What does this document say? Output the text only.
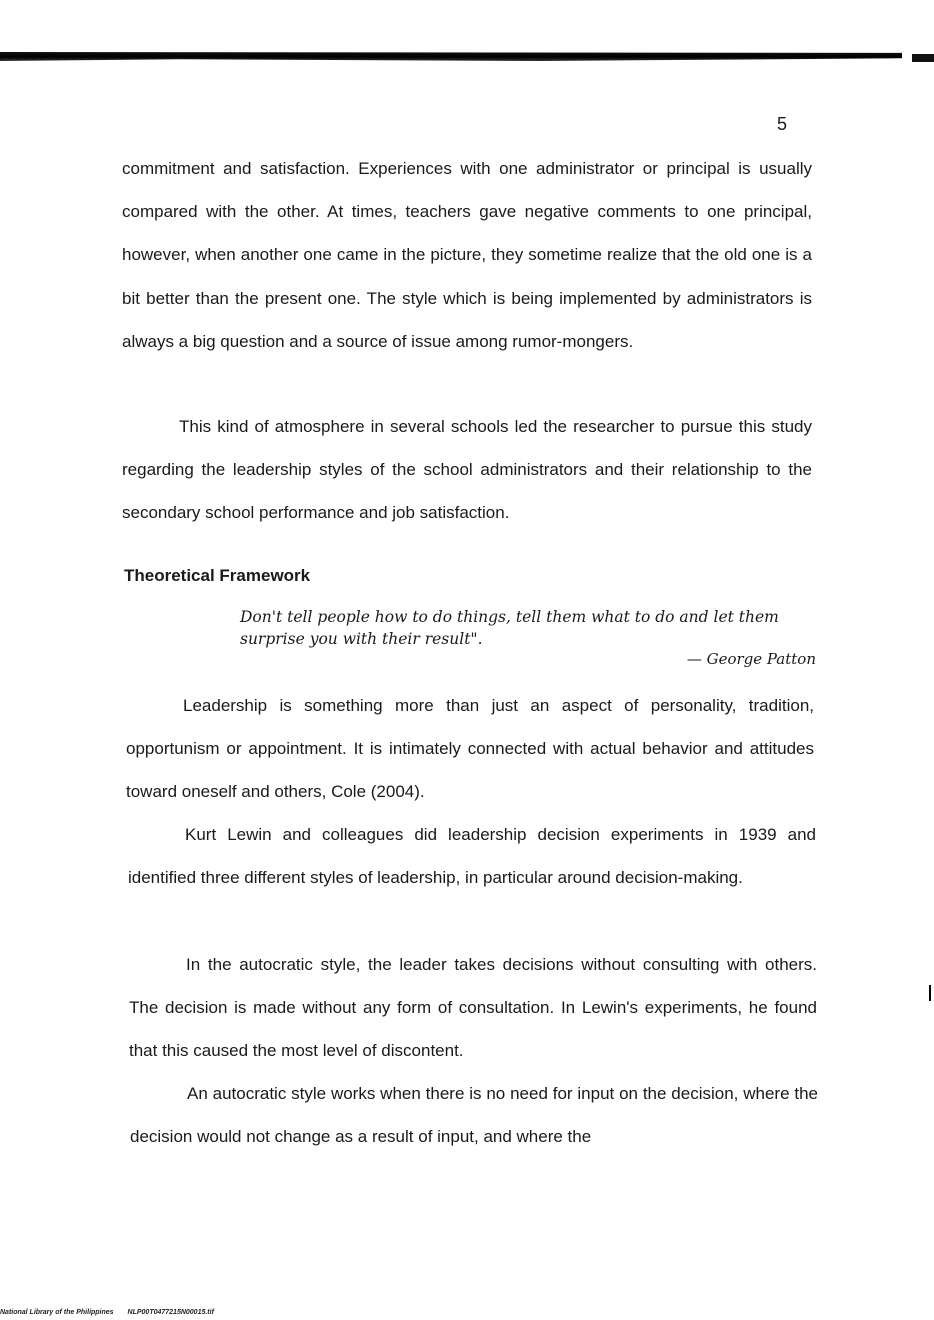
5

commitment and satisfaction. Experiences with one administrator or principal is usually compared with the other. At times, teachers gave negative comments to one principal, however, when another one came in the picture, they sometime realize that the old one is a bit better than the present one. The style which is being implemented by administrators is always a big question and a source of issue among rumor-mongers.

This kind of atmosphere in several schools led the researcher to pursue this study regarding the leadership styles of the school administrators and their relationship to the secondary school performance and job satisfaction.

Theoretical Framework

Don't tell people how to do things, tell them what to do and let them surprise you with their result".

— George Patton

Leadership is something more than just an aspect of personality, tradition, opportunism or appointment. It is intimately connected with actual behavior and attitudes toward oneself and others, Cole (2004).

Kurt Lewin and colleagues did leadership decision experiments in 1939 and identified three different styles of leadership, in particular around decision-making.

In the autocratic style, the leader takes decisions without consulting with others. The decision is made without any form of consultation. In Lewin's experiments, he found that this caused the most level of discontent.

An autocratic style works when there is no need for input on the decision, where the decision would not change as a result of input, and where the

National Library of the Philippines NLP00T0477215N00015.tif
